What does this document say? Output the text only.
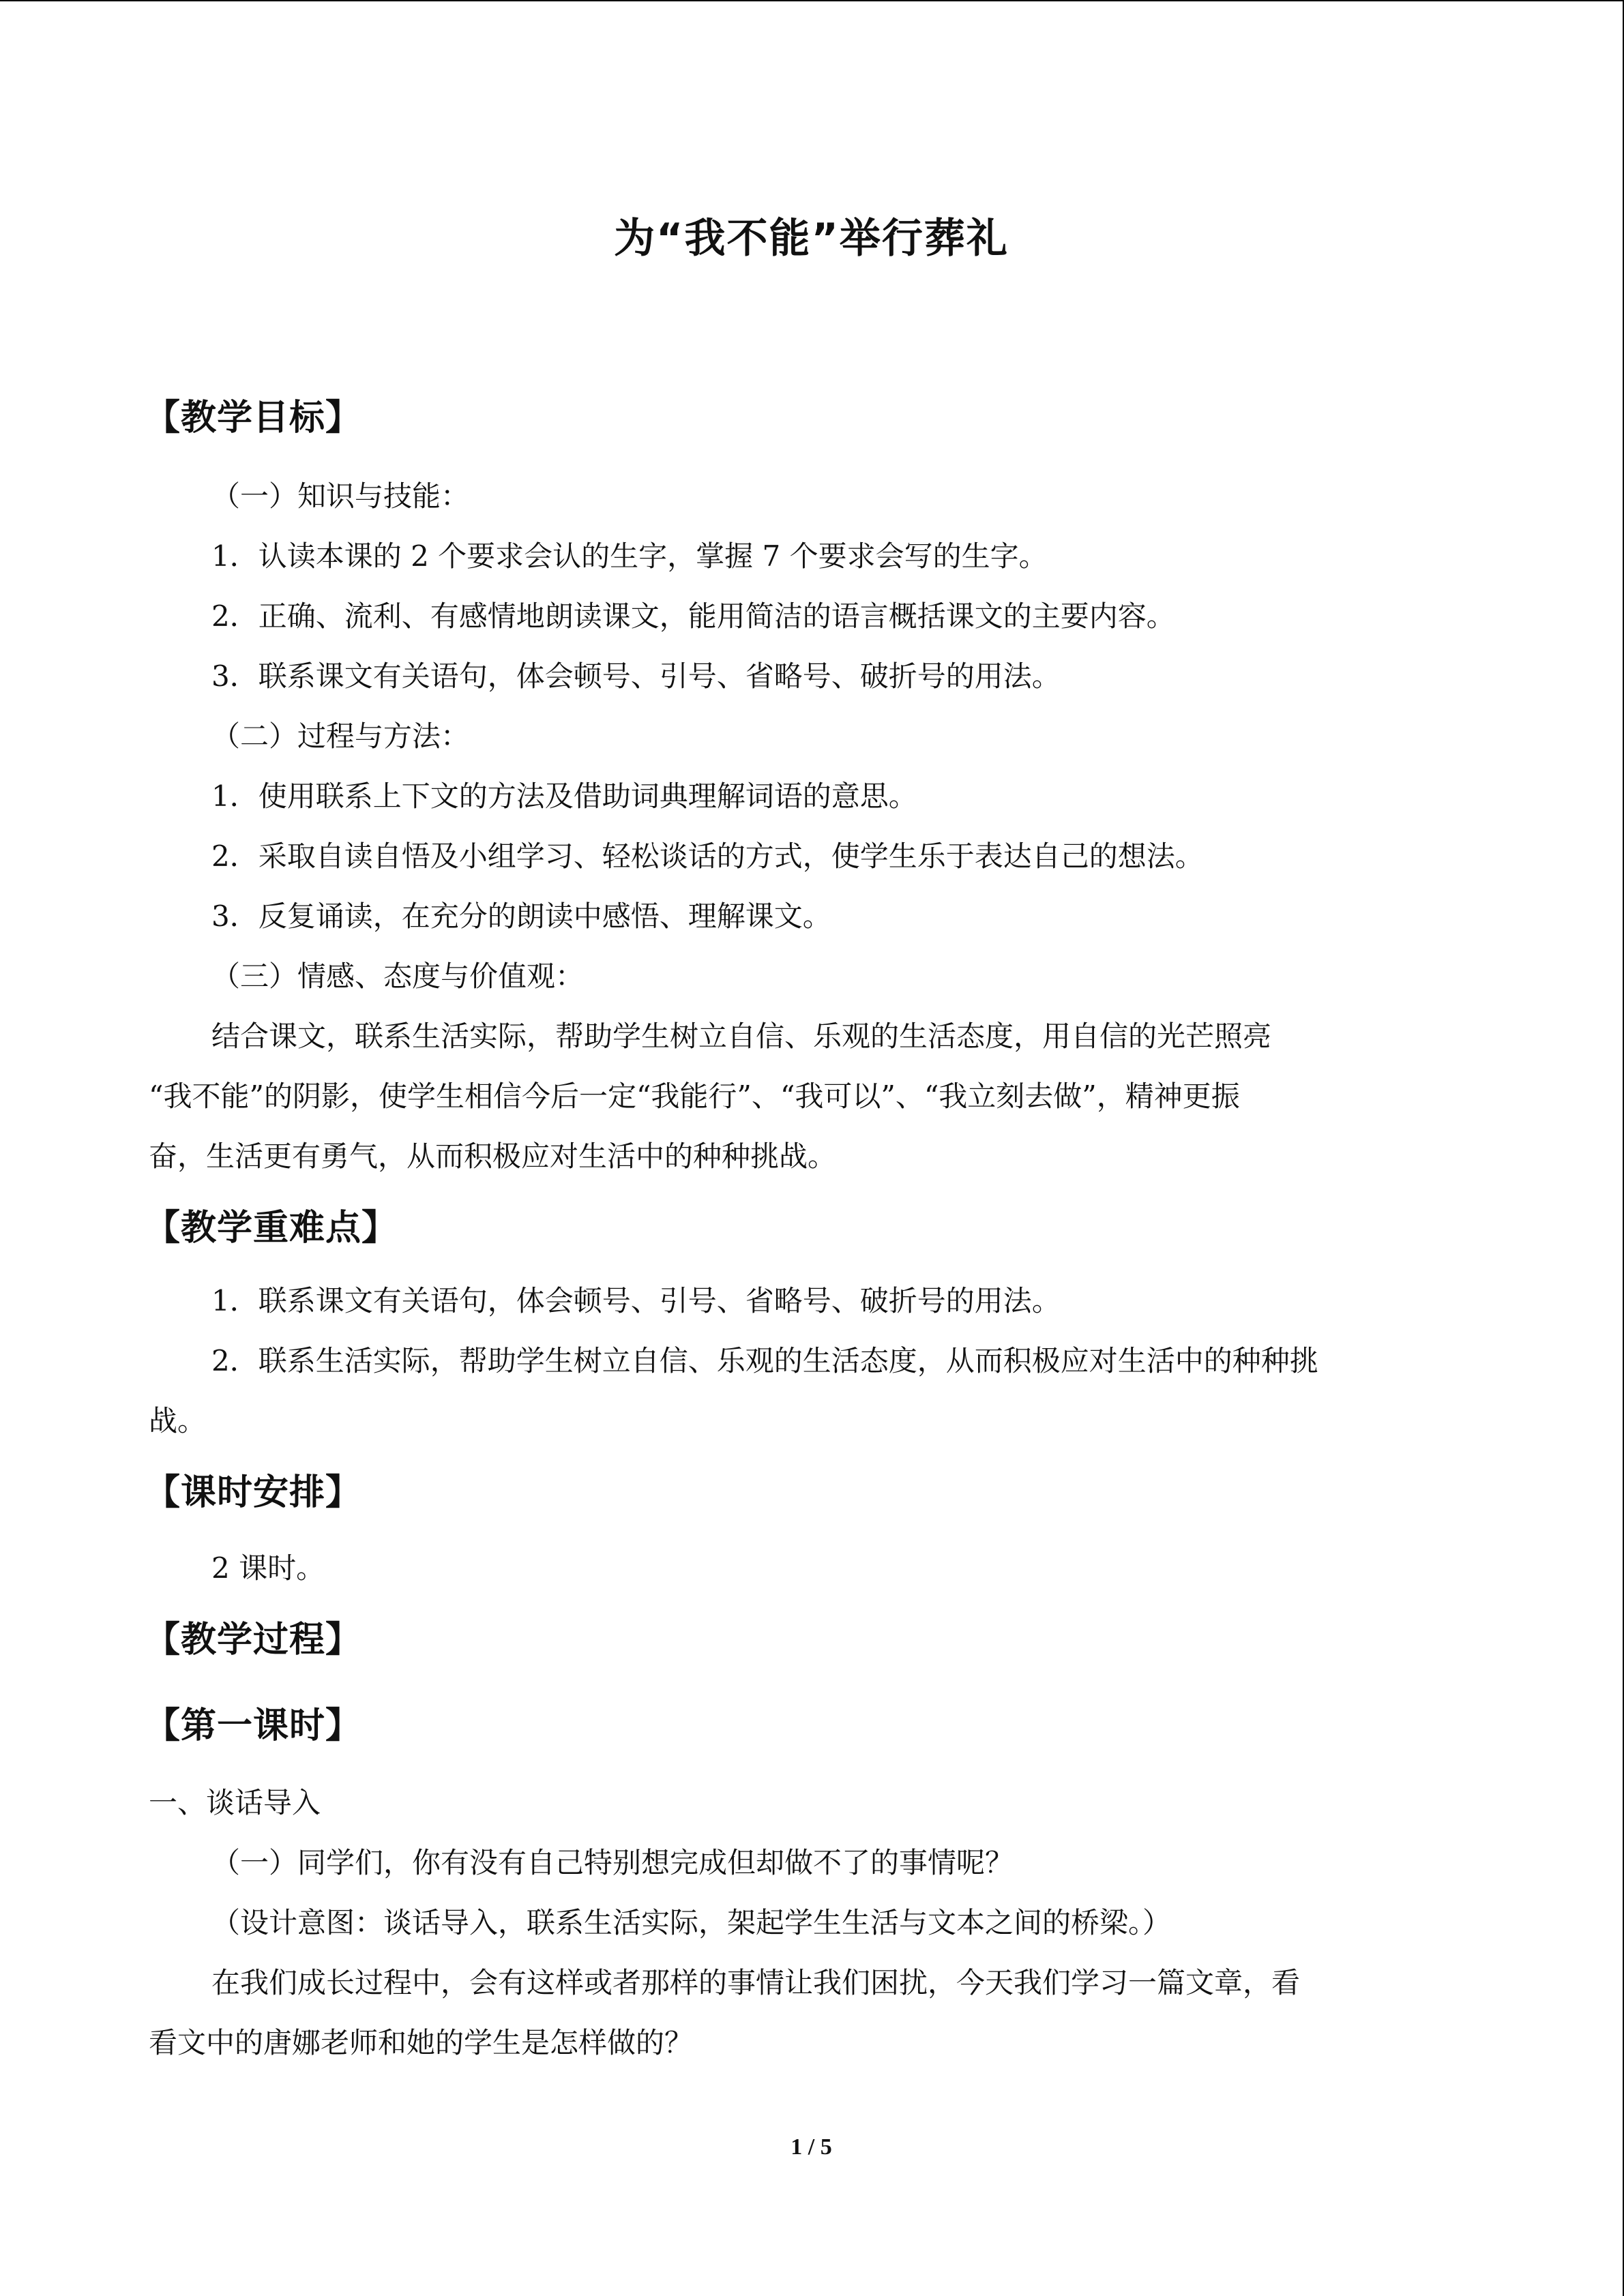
为“我不能”举行葬礼
【教学目标】
（一）知识与技能：
1．认读本课的 2 个要求会认的生字，掌握 7 个要求会写的生字。
2．正确、流利、有感情地朗读课文，能用简洁的语言概括课文的主要内容。
3．联系课文有关语句，体会顿号、引号、省略号、破折号的用法。
（二）过程与方法：
1．使用联系上下文的方法及借助词典理解词语的意思。
2．采取自读自悟及小组学习、轻松谈话的方式，使学生乐于表达自己的想法。
3．反复诵读，在充分的朗读中感悟、理解课文。
（三）情感、态度与价值观：
结合课文，联系生活实际，帮助学生树立自信、乐观的生活态度，用自信的光芒照亮
“我不能”的阴影，使学生相信今后一定“我能行”、“我可以”、“我立刻去做”，精神更振
奋，生活更有勇气，从而积极应对生活中的种种挑战。
【教学重难点】
1．联系课文有关语句，体会顿号、引号、省略号、破折号的用法。
2．联系生活实际，帮助学生树立自信、乐观的生活态度，从而积极应对生活中的种种挑
战。
【课时安排】
2 课时。
【教学过程】
【第一课时】
一、谈话导入
（一）同学们，你有没有自己特别想完成但却做不了的事情呢？
（设计意图：谈话导入，联系生活实际，架起学生生活与文本之间的桥梁。）
在我们成长过程中，会有这样或者那样的事情让我们困扰，今天我们学习一篇文章，看
看文中的唐娜老师和她的学生是怎样做的？
1 / 5
